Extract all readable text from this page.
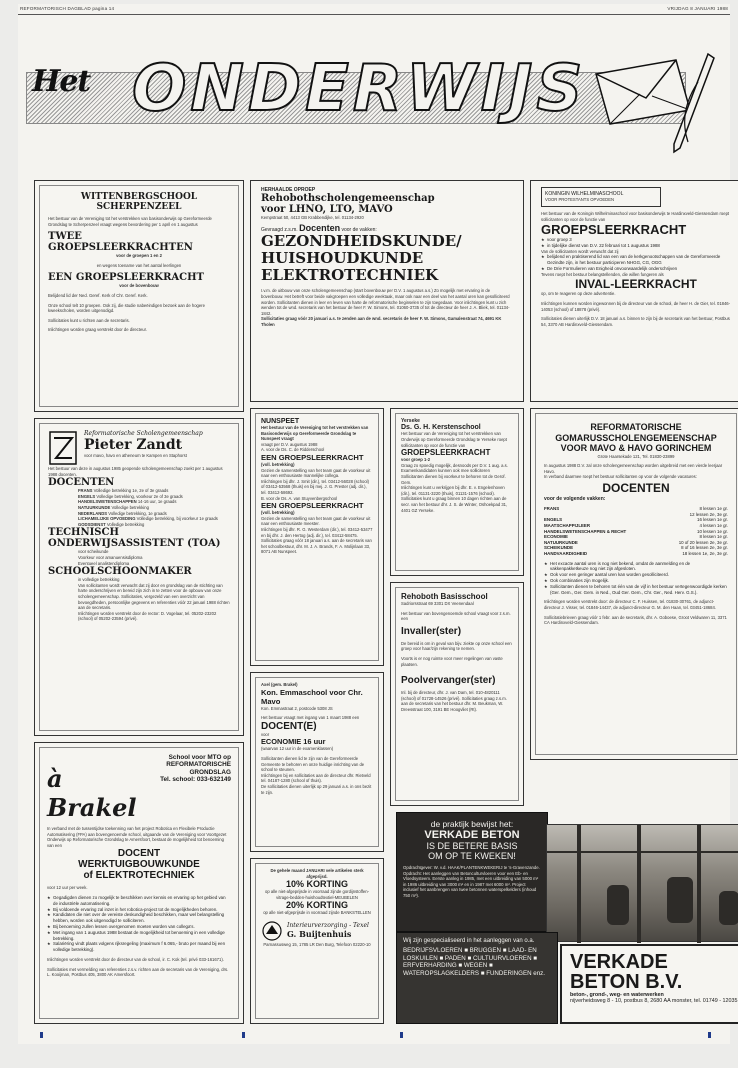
REFORMATORISCH DAGBLAD pagina 14	VRIJDAG 8 JANUARI 1988
Het ONDERWIJS
WITTENBERGSCHOOL SCHERPENZEEL
Het bestuur van de Vereniging tot het verstrekken van basisonderwijs op Gereformeerde Grondslag te Scherpenzeel vraagt wegens bevordering per 1 april en 1 augustus
TWEE GROEPSLEERKRACHTEN
voor de groepen 1 en 2
en wegens toename van het aantal leerlingen
EEN GROEPSLEERKRACHT
voor de bovenbouw
Belijdend lid der Ned. Geref. Kerk of Chr. Geref. Kerk.
Onze school telt 10 groepen. Ook zij, die studie nabeëindigen bezoek aan de hogere kweekscholen, worden uitgenodigd.
Sollicitaties kunt u richten aan de secretaris.
Inlichtingen worden graag verstrekt door de directeur.
HERHAALDE OPROEP
Rehobothscholengemeenschap
voor LHNO, LTO, MAVO
Kempstraat 50, 4413 GB Krabbendijke, tel. 01134-2920
Gevraagd z.s.m. Docenten voor de vakken:
GEZONDHEIDSKUNDE/
HUISHOUDKUNDE
ELEKTROTECHNIEK
I.v.m. de uitbouw van onze scholengemeenschap (start bovenbouw per D.V. 1 augustus a.s.) Zo mogelijk met ervaring in de bovenbouw. Het betreft voor beide vakgroepen een volledige weektaak, maar ook naar een deel van het aantal uren kan gesolliciteerd worden. Sollicitanten dienen in leer en leven van harte de reformatorische beginselen te zijn toegedaan. Voor inlichtingen kunt u zich wenden tot de wnd. secretaris van het bestuur de heer F. W. Simons, tel. 01060-3735 of tot de directeur de heer J. A. Bliek, tel. 01134-1842.
Sollicitaties graag vóór 20 januari a.s. te zenden aan de wnd. secretaris de heer F. W. Simons, Gamalenstraat 74, 4691 KK Tholen
KONINGIN WILHELMINASCHOOL
VOOR PROTESTANTS OPVOEDEN
Het bestuur van de Koningin Wilhelminaschool voor basisonderwijs te Hardinxveld-Giessendam roept sollicitanten op voor de functie van
GROEPSLEERKRACHT
★ voor groep 3
★ in tijdelijke dienst van D.V. 22 februari tot 1 augustus 1988
Van de sollicitanten wordt verwacht dat zij
★ belijdend en praktiserend lid van een van de kerkgenootschappen van de Gereformeerde Gezindte zijn, in het bestuur participeren NHGG, CG, OGG
★ De Drie Formulieren van Enigheid onvoorwaardelijk onderschrijven
Tevens roept het bestuur belangstellenden, die willen fungeren als
INVAL-LEERKRACHT
op, om te reageren op deze advertentie.
Inlichtingen kunnen worden ingewonnen bij de directeur van de school, de heer H. de Gier, tel. 01846-14053 (school) of 18878 (privé).
Sollicitaties dienen uiterlijk D.V. 18 januari a.s. binnen te zijn bij de secretaris van het bestuur, Postbus 54, 3370 AB Hardinxveld-Giessendam.
Reformatorische Scholengemeenschap
Pieter Zandt
voor mavo, havo en atheneum te Kampen en Staphorst
Het bestuur van deze in augustus 1985 geopende scholengemeenschap zoekt per 1 augustus 1988 docenten.
DOCENTEN
FRANS Volledige betrekking 1e, 2e of 3e graads
ENGELS Volledige betrekking, voorkeur 2e of 3e graads
HANDELSWETENSCHAPPEN 14-16 uur, 1e graads
NATUURKUNDE Volledige betrekking
NEDERLANDS Volledige betrekking, 1e graads
LICHAMELIJKE OPVOEDING Volledige betrekking, bij voorkeur 1e graads
GODSDIENST Volledige betrekking
TECHNISCH ONDERWIJSASSISTENT (TOA)
voor scheikunde
Voorkeur voor amanuensisdiploma
Eventueel analistendiploma
SCHOOLSCHOONMAKER
in volledige betrekking
Van sollicitanten wordt verwacht dat zij door en grondslag van de stichting van harte onderschrijven en bereid zijn zich in te zetten voor de opbouw van onze scholengemeenschap. Sollicitaties, vergezeld van een overzicht van bevoegdheden, persoonlijke gegevens en referenties vóór 22 januari 1988 richten aan de secretaris.
Inlichtingen worden verstrekt door de rector: D. Vogelaar, tel. 05202-23202 (school) of 05202-23594 (privé).
NUNSPEET
Het bestuur van de Vereniging tot het verstrekken van Basisonderwijs op Gereformeerde Grondslag te Nunspeet vraagt
vraagt per D.V. augustus 1988
A. voor de Ds. C. de Ridderschool
EEN GROEPSLEERKRACHT
(voll. betrekking)
Gezien de samenstelling van het team gaat de voorkeur uit naar een enthousiaste mannelijke collega.
Inlichtingen bij dhr. J. Smit (dir.), tel. 03412-56028 (school) of 03412-53568 (thuis) en bij mej. J. G. Prester (adj. dir.), tel. 03412-58692.
B. voor de Ds. A. van Stuyvenbergschool
EEN GROEPSLEERKRACHT
(voll. betrekking)
Gezien de samenstelling van het team gaat de voorkeur uit naar een enthousiaste meester.
Inlichtingen bij dhr. R. G. Westerdam (dir.), tel. 03412-53477 en bij dhr. J. den Hertog (adj. dir.), tel. 03412-58475.
Sollicitaties graag vóór 18 januari a.s. aan de secretaris van het schoolbestuur, dhr. M. J. A. Brands, F. A. Molijnlaan 33, 8071 AB Nunspeet.
Yerseke
Ds. G. H. Kerstenschool
Het bestuur van de Vereniging tot het verstrekken van Onderwijs op Gereformeerde Grondslag te Yerseke roept sollicitanten op voor de functie van
GROEPSLEERKRACHT
voor groep 1-2
Graag zo spoedig mogelijk, desnoods per D.V. 1 aug. a.s.
Examenkandidaten kunnen ook mee solliciteren
Sollicitanten dienen bij voorkeur te behoren tot de Gerof. Gem.
Inlichtingen kunt u verkrijgen bij dhr. E. v. Engelenhoven (dir.), tel. 01131-3220 (thuis), 01131-1576 (school).
Sollicitaties kunt u graag binnen 10 dagen richten aan de secr. van het bestuur dhr. J. S. de Winter, Oshoekpad 31, 4401 GZ Yerseke.
REFORMATORISCHE GOMARUSSCHOLENGEMEENSCHAP VOOR MAVO & HAVO GORINCHEM
Grote Haarsekade 121, Tel. 01830-23899
In augustus 1988 D.V. zal onze scholengemeenschap worden uitgebreid met een vierde leerjaar Havo.
In verband daarmee roept het bestuur sollicitanten op voor de volgende vacatures:
DOCENTEN
voor de volgende vakken:
FRANS	8 lessen 1e gr.
	12 lessen 2e, 3e gr.
ENGELS	16 lessen 1e gr.
MAATSCHAPPIJLEER	4 lessen 1e gr.
HANDELSWETENSCHAPPEN & RECHT	10 lessen 1e gr.
ECONOMIE	8 lessen 1e gr.
NATUURKUNDE	10 of 20 lessen 2e, 3e gr.
SCHEIKUNDE	8 of 16 lessen 2e, 3e gr.
HANDVAARDIGHEID	18 lessen 1e, 2e, 3e gr.
★ Het excacte aantal uren is nog niet bekend, omdat de aanmelding en de vakkenpakketkeuze nog niet zijn afgesloten.
★ Ook voor een geringer aantal uren kan worden gesolliciteerd.
★ Ook combinaties zijn mogelijk.
★ Sollicitanten dienen te behoren tot één van de vijf in het bestuur vertegenwoordigde kerken (Ger. Gem., Ger. Gem. in Ned., Oud Ger. Gem., Chr. Ger., Ned. Herv. G.S.).
Inlichtingen worden verstrekt door: de directeur C. F. Huissen, tel. 01830-30761, de adjunct-directeur J. Visser, tel. 01846-14437, de adjunct-directeur G. M. den Haan, tel. 03451-18684.
Sollicitatiebrieven graag vóór 1 febr. aan de secretaris, dhr. A. Goboese, Groot Veldwaren 11, 3371 CA Hardinxveld-Giessendam.
Rehoboth Basisschool
Sadriorsstraat 69 3301 DX Veenendaal
Het bestuur van bovengenoemde school vraagt voor z.s.m. een
Invaller(ster)
De bereid is om in geval van bijv. ziekte op onze school een groep voor haar/zijn rekening te nemen.
Voorts is er nog ruimte voor meer regelingen van vaste plaatsen.
Poolvervanger(ster)
Inl. bij de directeur, dhr. J. van Dam, tel. 010-4820111 (school) of 01728-14526 (privé). Sollicitaties graag z.s.m. aan de secretaris van het bestuur dhr. M. Beukman, W. Dreesstraat 100, 3191 BE Hoogvliet (Rt).
Axel (gem. Brakel)
Kon. Emmaschool voor Chr. Mavo
Kon. Emmastraat 2, postcode 5308 JS
Het bestuur vraagt met ingang van 1 maart 1988 een
DOCENT(E)
voor
ECONOMIE 16 uur
(waarvan 12 uur in de examenklassen)
Sollicitanten dienen lid te zijn van de Gereformeerde Gemeente te behoren en onze huidige inrichting van de school te steunen.
Inlichtingen bij en sollicitaties aan de directeur dhr. Rietveld tel. 04187-1280 (school of thuis).
De sollicitaties dienen uiterlijk op 29 januari a.s. in ons bezit te zijn.
à Brakel
School voor MTO op REFORMATORISCHE GRONDSLAG
Tel. school: 033-632149
In verband met de tussentijdse toekenning van het project Robotica en Flexibele Productie Automatisering (FPA) aan bovengenoemde school, uitgaande van de Vereniging voor Voortgezet Onderwijs op Reformatorische Grondslag te Amersfoort, bestaat de mogelijkheid tot benoeming van een
DOCENT
WERKTUIGBOUWKUNDE
of ELEKTROTECHNIEK
voor 12 uur per week.
★ Gegadigden dienen zo mogelijk te beschikken over kennis en ervaring op het gebied van de industriële automatisering.
★ Bij voldoende ervaring zal inzet in het robotica-project tot de mogelijkheden behoren.
★ Kandidaten die niet over de vereiste deskundigheid beschikken, maar wel belangstelling hebben, worden ook uitgenodigd te solliciteren.
★ Bij benoeming zullen lessen overgenomen moeten worden van collega's.
★ Met ingang van 1 augustus 1988 bestaat de mogelijkheid tot benoeming in een volledige betrekking.
★ Salariëring vindt plaats volgens rijksregeling (maximum f 6.065,- bruto per maand bij een volledige betrekking).
Inlichtingen worden verstrekt door de directeur van de school, ir. C. Kok (tel. privé 033-161671).
Sollicitaties met vermelding van referenties z.s.v. richten aan de secretaris van de Vereniging, drs. L. Kooijman, Postbus 405, 3800 AK Amersfoort.
De gehele maand JANUARI vele artikelen sterk afgeprijsd.
10% KORTING
op alle niet-afgeprijsde in voorraad zijnde gordijnstoffen-vitrage-bedden-huishoudtextiel-MEUBELEN
20% KORTING
op alle niet-afgeprijsde in voorraad zijnde BANKSTELLEN
Interieurverzorging - Texel
G. Buijtenhuis
Parnassusweg 15, 1785 LR Den Burg, Telefoon 02220-10
de praktijk bewijst het:
VERKADE BETON
IS DE BETERE BASIS
OM OP TE KWEKEN!
Opdrachtgever: W. v.d. HAAK/PLANTENKWEKERIJ te 's-Gravenzande. Opdracht: Het aanleggen van Betonculturvloeren voor een Eb- en Vloedsysteem. Eerste aanleg in 1985, met een uitbreiding van 5000 m² in 1986 uitbreiding van 3000 m² en in 1987 met 6000 m². Project inclusief het aanbrengen van twee betonnen waterspelkelders (inhoud 750 m³).
Wij zijn gespecialiseerd in het aanleggen van o.a.
BEDRIJFSVLOEREN ■ BRUGGEN ■ LAAD- EN LOSKUILEN ■ PADEN ■ CULTUURVLOEREN ■ ERFVERHARDING ■ WEGEN ■ WATEROPSLAGKELDERS ■ FUNDERINGEN enz.
VERKADE
BETON B.V.
beton-, grond-, weg- en waterwerken
nijverheidsweg 8 - 10, postbus 8, 2680 AA monster, tel. 01749 - 12035
